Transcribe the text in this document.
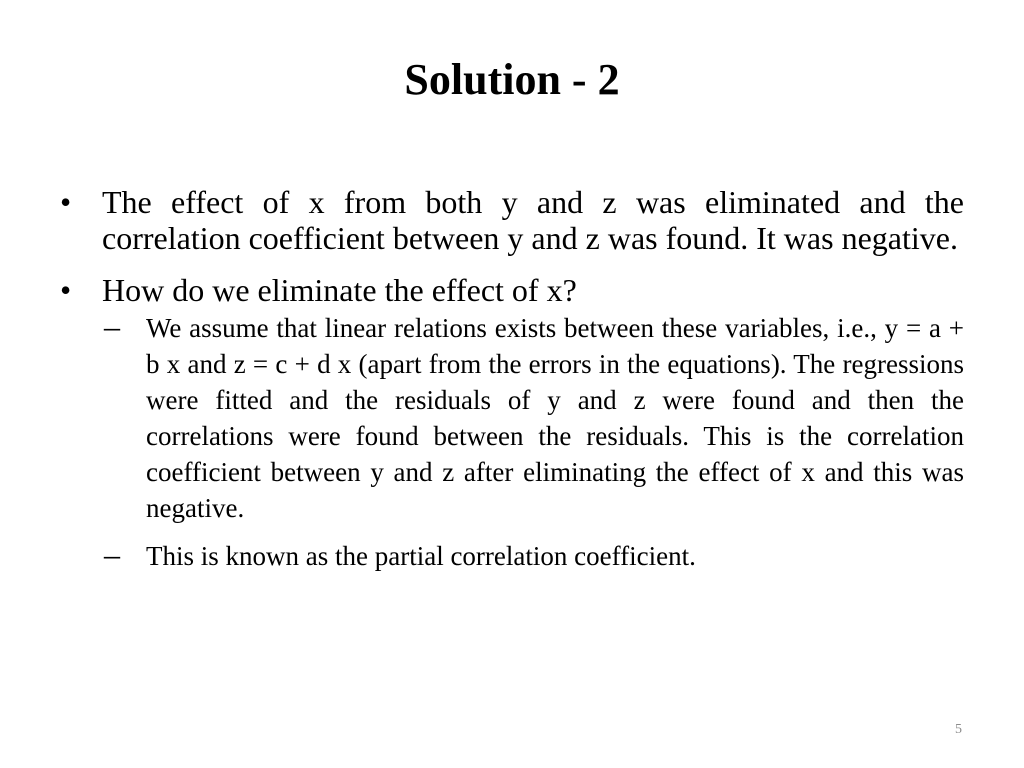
Solution - 2
• The effect of x from both y and z was eliminated and the correlation coefficient between y and z was found. It was negative.
• How do we eliminate the effect of x?
– We assume that linear relations exists between these variables, i.e., y = a + b x and z = c + d x (apart from the errors in the equations). The regressions were fitted and the residuals of y and z were found and then the correlations were found between the residuals. This is the correlation coefficient between y and z after eliminating the effect of x and this was negative.
– This is known as the partial correlation coefficient.
5
